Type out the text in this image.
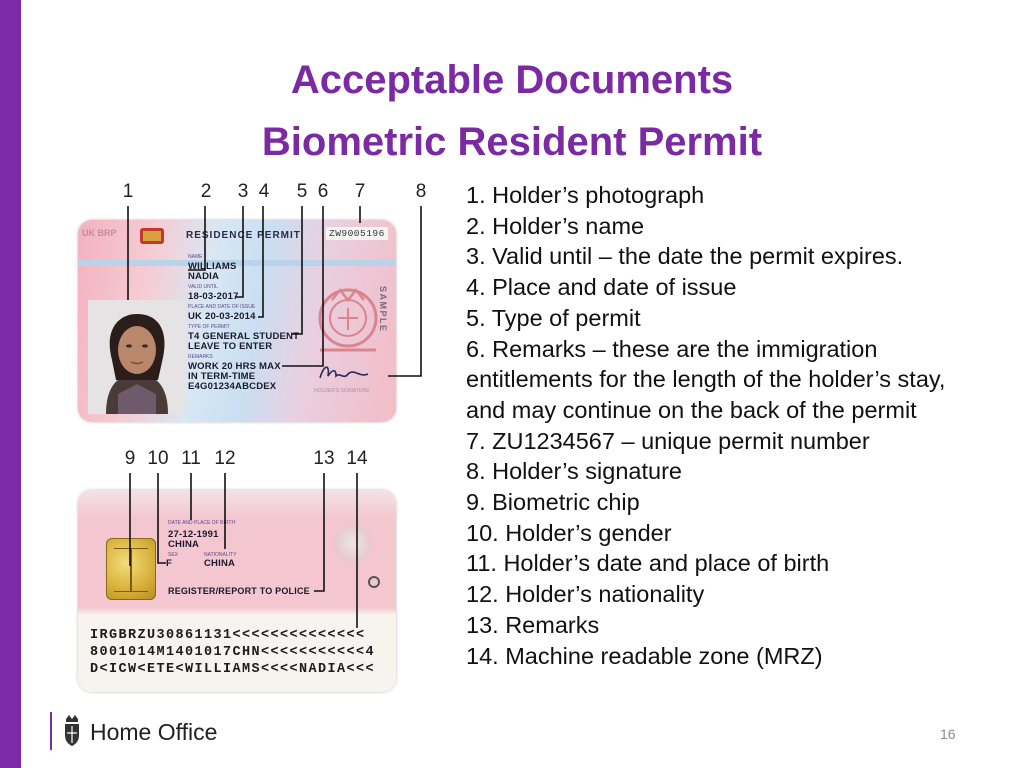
Acceptable Documents
Biometric Resident Permit
1	2 3 4 5 6 7	8
UK BRP	RESIDENCE PERMIT	ZW9005196
NAME
WILLIAMS
NADIA
VALID UNTIL
18-03-2017
PLACE AND DATE OF ISSUE
UK 20-03-2014
TYPE OF PERMIT
T4 GENERAL STUDENT
LEAVE TO ENTER
REMARKS
WORK 20 HRS MAX
IN TERM-TIME
E4G01234ABCDEX
SAMPLE
HOLDER'S SIGNATURE
9 10 11 12	13 14
DATE AND PLACE OF BIRTH
27-12-1991
CHINA
SEX
F
NATIONALITY
CHINA
REGISTER/REPORT TO POLICE
IRGBRZU30861131<<<<<<<<<<<<<<
8001014M1401017CHN<<<<<<<<<<<4
D<ICW<ETE<WILLIAMS<<<<NADIA<<<
1. Holder’s photograph
2. Holder’s name
3. Valid until – the date the permit expires.
4. Place and date of issue
5. Type of permit
6. Remarks – these are the immigration entitlements for the length of the holder’s stay, and may continue on the back of the permit
7. ZU1234567 – unique permit number
8. Holder’s signature
9. Biometric chip
10. Holder’s gender
11. Holder’s date and place of birth
12. Holder’s nationality
13. Remarks
14. Machine readable zone (MRZ)
Home Office	16
